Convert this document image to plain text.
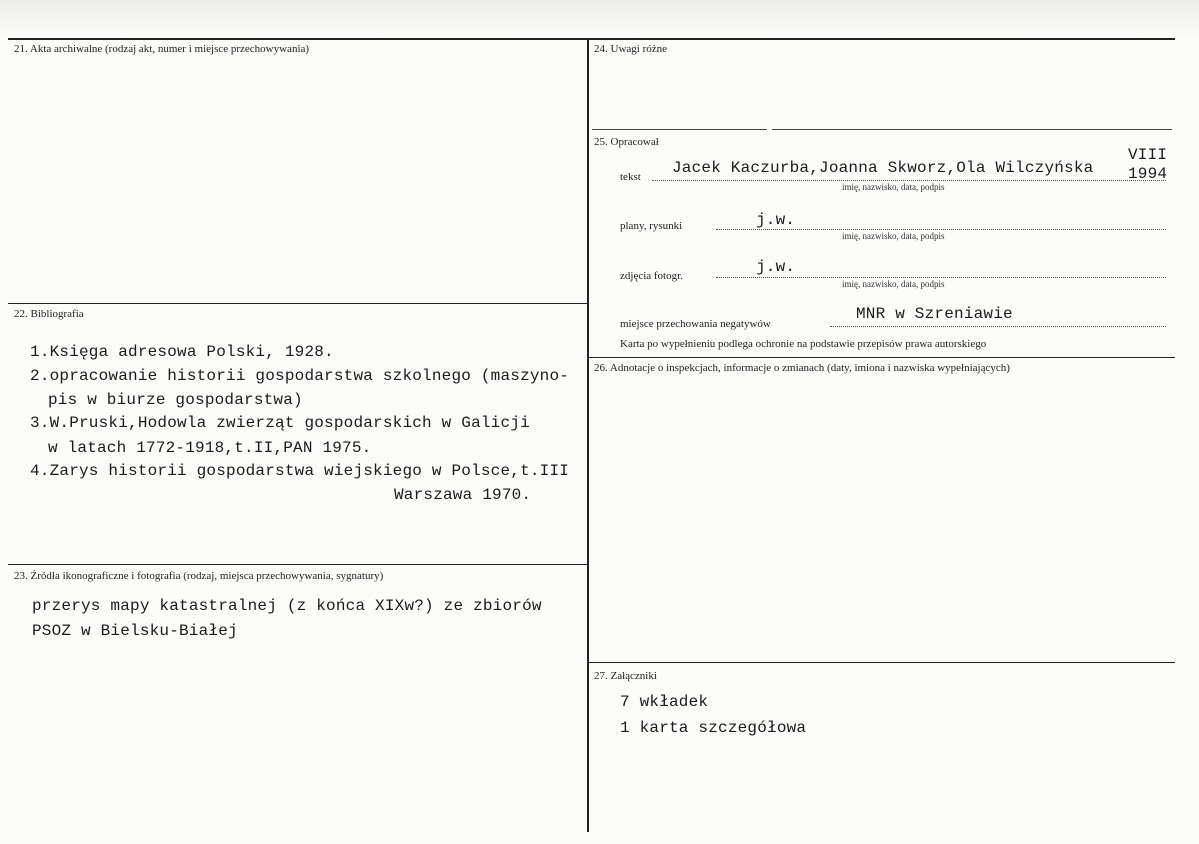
21. Akta archiwalne (rodzaj akt, numer i miejsce przechowywania)
22. Bibliografia
1.Księga adresowa Polski, 1928.
2.opracowanie historii gospodarstwa szkolnego (maszyno-
pis w biurze gospodarstwa)
3.W.Pruski,Hodowla zwierząt gospodarskich w Galicji
w latach 1772-1918,t.II,PAN 1975.
4.Zarys historii gospodarstwa wiejskiego w Polsce,t.III
Warszawa 1970.
23. Źródła ikonograficzne i fotografia (rodzaj, miejsca przechowywania, sygnatury)
przerys mapy katastralnej (z końca XIXw?) ze zbiorów
PSOZ w Bielsku-Białej
24. Uwagi różne
25. Opracował
tekst Jacek Kaczurba,Joanna Skworz,Ola Wilczyńska
VIII
1994
imię, nazwisko, data, podpis
plany, rysunki	j.w.
imię, nazwisko, data, podpis
zdjęcia fotogr.	j.w.
imię, nazwisko, data, podpis
miejsce przechowania negatywów
MNR w Szreniawie
Karta po wypełnieniu podlega ochronie na podstawie przepisów prawa autorskiego
26. Adnotacje o inspekcjach, informacje o zmianach (daty, imiona i nazwiska wypełniających)
27. Załączniki
7 wkładek
1 karta szczegółowa
